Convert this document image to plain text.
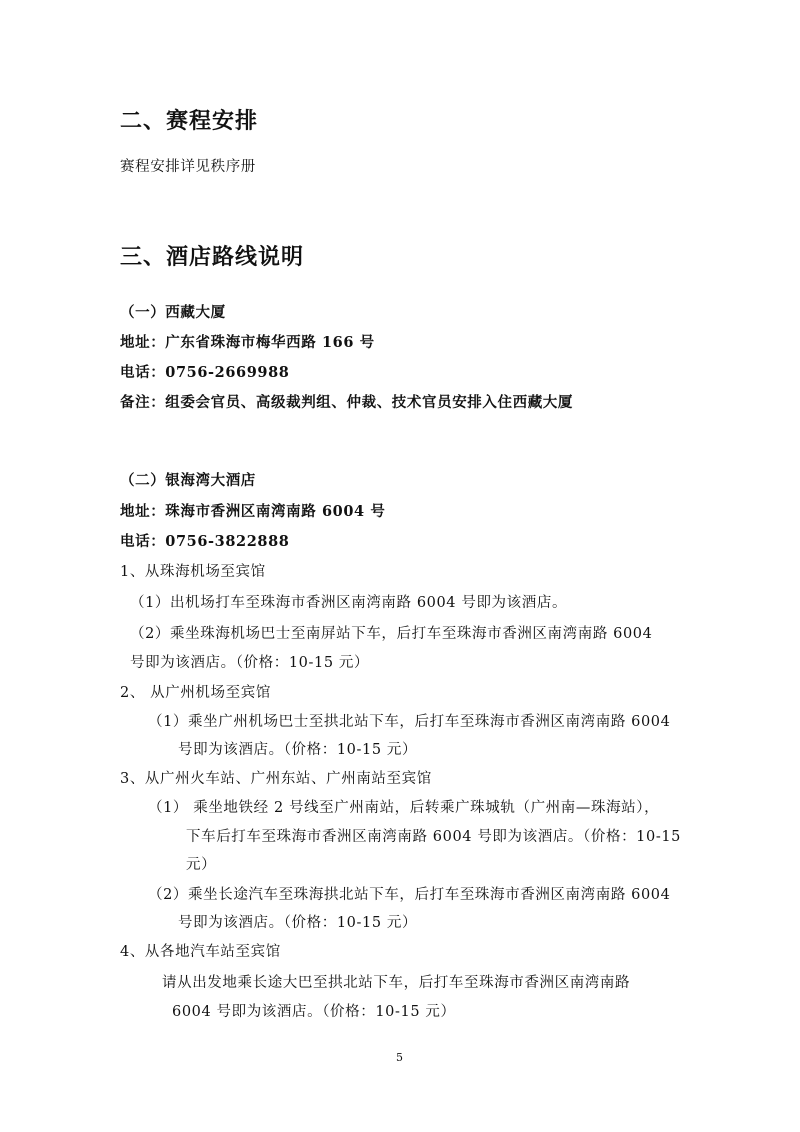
二、赛程安排
赛程安排详见秩序册
三、酒店路线说明
（一）西藏大厦
地址：广东省珠海市梅华西路 166 号
电话：0756-2669988
备注：组委会官员、高级裁判组、仲裁、技术官员安排入住西藏大厦
（二）银海湾大酒店
地址：珠海市香洲区南湾南路 6004 号
电话：0756-3822888
1、从珠海机场至宾馆
（1）出机场打车至珠海市香洲区南湾南路 6004 号即为该酒店。
（2）乘坐珠海机场巴士至南屏站下车，后打车至珠海市香洲区南湾南路 6004
号即为该酒店。（价格：10-15 元）
2、 从广州机场至宾馆
（1）乘坐广州机场巴士至拱北站下车，后打车至珠海市香洲区南湾南路 6004
号即为该酒店。（价格：10-15 元）
3、从广州火车站、广州东站、广州南站至宾馆
（1） 乘坐地铁经 2 号线至广州南站，后转乘广珠城轨（广州南—珠海站），
下车后打车至珠海市香洲区南湾南路 6004 号即为该酒店。（价格：10-15
元）
（2）乘坐长途汽车至珠海拱北站下车，后打车至珠海市香洲区南湾南路 6004
号即为该酒店。（价格：10-15 元）
4、从各地汽车站至宾馆
请从出发地乘长途大巴至拱北站下车，后打车至珠海市香洲区南湾南路
6004 号即为该酒店。（价格：10-15 元）
5
